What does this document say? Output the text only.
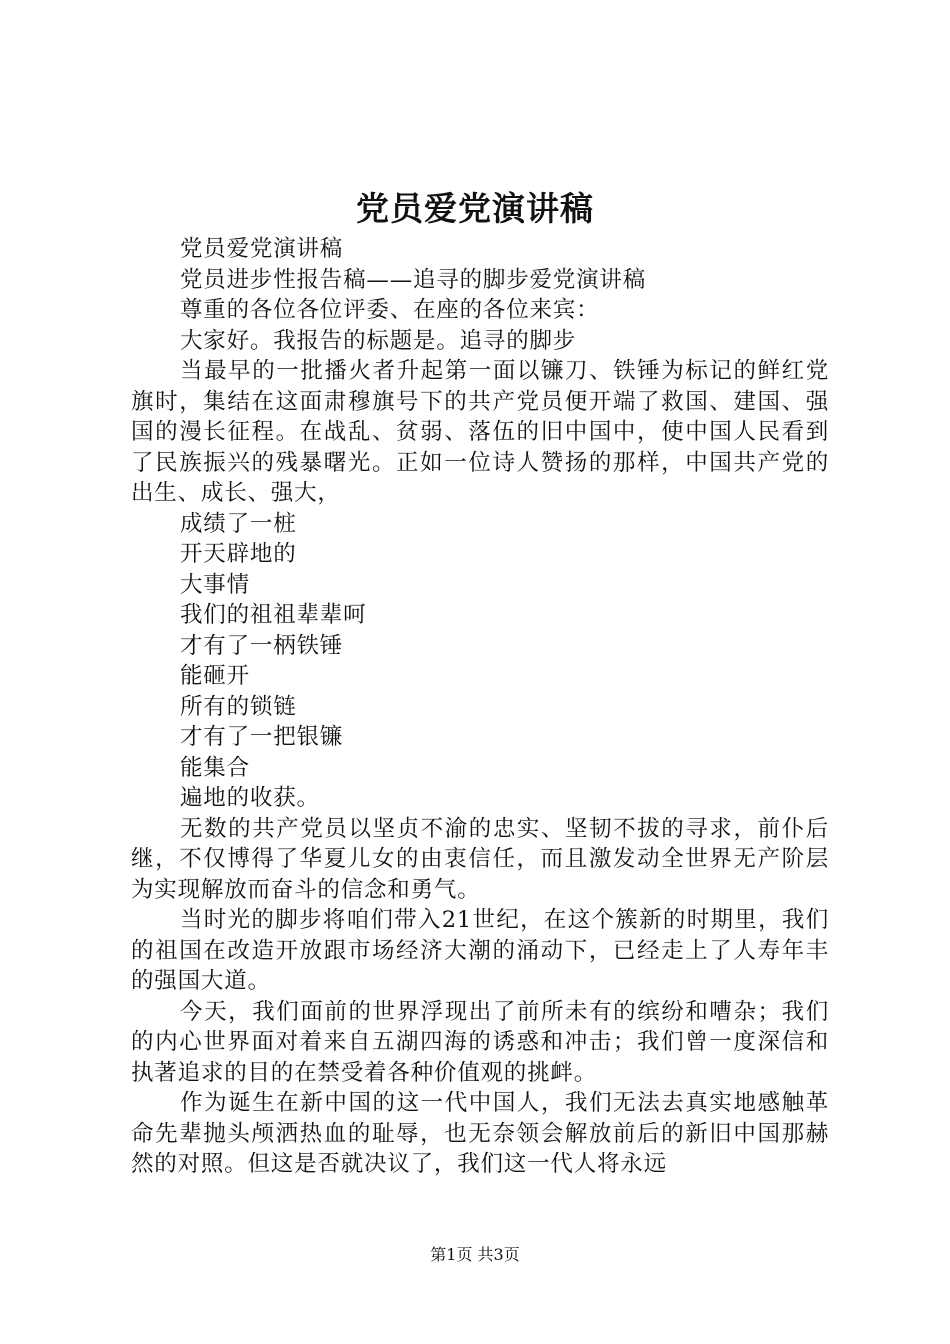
党员爱党演讲稿

党员爱党演讲稿

党员进步性报告稿——追寻的脚步爱党演讲稿

尊重的各位各位评委、在座的各位来宾：

大家好。我报告的标题是。追寻的脚步

当最早的一批播火者升起第一面以镰刀、铁锤为标记的鲜红党旗时，集结在这面肃穆旗号下的共产党员便开端了救国、建国、强国的漫长征程。在战乱、贫弱、落伍的旧中国中，使中国人民看到了民族振兴的残暴曙光。正如一位诗人赞扬的那样，中国共产党的出生、成长、强大，

成绩了一桩

开天辟地的

大事情

我们的祖祖辈辈呵

才有了一柄铁锤

能砸开

所有的锁链

才有了一把银镰

能集合

遍地的收获。

无数的共产党员以坚贞不渝的忠实、坚韧不拔的寻求，前仆后继，不仅博得了华夏儿女的由衷信任，而且激发动全世界无产阶层为实现解放而奋斗的信念和勇气。

当时光的脚步将咱们带入21世纪，在这个簇新的时期里，我们的祖国在改造开放跟市场经济大潮的涌动下，已经走上了人寿年丰的强国大道。

今天，我们面前的世界浮现出了前所未有的缤纷和嘈杂；我们的内心世界面对着来自五湖四海的诱惑和冲击；我们曾一度深信和执著追求的目的在禁受着各种价值观的挑衅。

作为诞生在新中国的这一代中国人，我们无法去真实地感触革命先辈抛头颅洒热血的耻辱，也无奈领会解放前后的新旧中国那赫然的对照。但这是否就决议了，我们这一代人将永远

第1页 共3页
